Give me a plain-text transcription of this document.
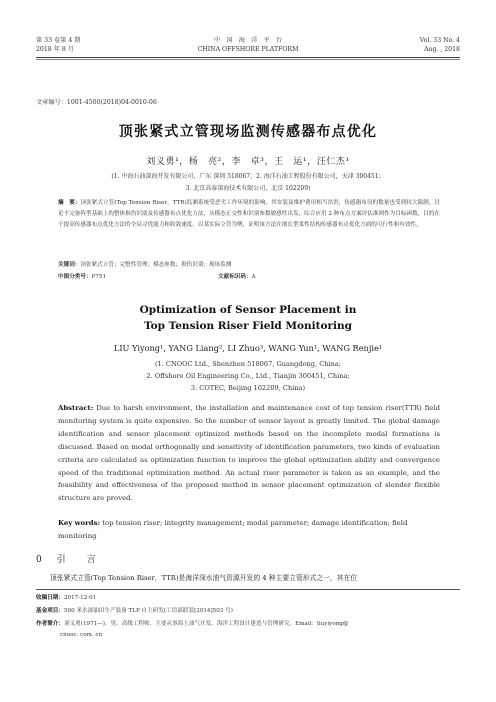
第 33 卷第 4 期
2018 年 8 月
中　国　海　洋　平　台
CHINA OFFSHORE PLATFORM
Vol. 33 No. 4
Aug. , 2018
文章编号：1001-4500(2018)04-0010-06
顶张紧式立管现场监测传感器布点优化
刘义勇¹，杨　亮²，李　卓³，王　运¹，汪仁杰¹
(1. 中海石油深海开发有限公司，广东 深圳 518067；2. 海洋石油工程股份有限公司，天津 300451；
3. 北京高泰深海技术有限公司，北京 102209)
摘　要：顶张紧式立管(Top Tension Riser，TTR)监测系统受恶劣工作环境的影响，其安装及维护费用相当昂贵，传感器布设的数量也受到较大限制。讨论不完备阵型基础上的整体损伤识别及传感器布点优化方法，从模态正交性和识别参数敏感性出发，综合应用 2 种布点方案评估准则作为目标函数，目的在于提高传感器布点优化方法的全局寻优能力和收敛速度。以某实际立管为例，证明该方法在细长型柔性结构传感器布点优化方面的可行性和有效性。
关键词：顶张紧式立管；完整性管理；模态参数；损伤识别；现场监测
中图分类号：P751	文献标识码：A
Optimization of Sensor Placement in
Top Tension Riser Field Monitoring
LIU Yiyong¹, YANG Liang², LI Zhuo³, WANG Yun¹, WANG Renjie¹
(1. CNOOC Ltd., Shenzhen 518067, Guangdong, China;
2. Offshore Oil Engineering Co., Ltd., Tianjin 300451, China;
3. COTEC, Beijing 102209, China)
Abstract: Due to harsh environment, the installation and maintenance cost of top tension riser(TTR) field monitoring system is quite expensive. So the number of sensor layout is greatly limited. The global damage identification and sensor placement optimized methods based on the incomplete modal formations is discussed. Based on modal orthogonally and sensitivity of identification parameters, two kinds of evaluation criteria are calculated as optimization function to improve the global optimization ability and convergence speed of the traditional optimization method. An actual riser parameter is taken as an example, and the feasibility and effectiveness of the proposed method in sensor placement optimization of slender flexible structure are proved.
Key words: top tension riser; integrity management; modal parameter; damage identification; field monitoring
0 引　言
顶张紧式立管(Top Tension Riser，TTR)是海洋深水油气资源开发的 4 种主要立管形式之一，其在位
收稿日期：2017-12-01
基金项目：500 米水深油田生产装备 TLP 自主研发(工信部联装[2014]503 号)
作者简介：刘义勇(1971—)，男，高级工程师，主要从事海上油气开发、海洋工程设计建造与管理研究。Email：liuyiyong@
cnooc. com. cn
